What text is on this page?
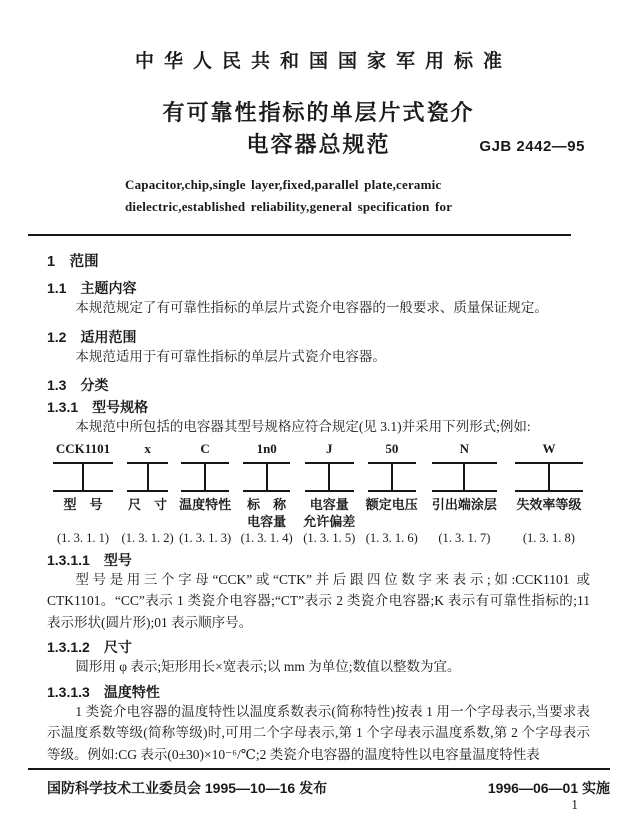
中华人民共和国国家军用标准
有可靠性指标的单层片式瓷介
电容器总规范
Capacitor,chip,single layer,fixed,parallel plate,ceramic
dielectric,established reliability,general specification for
1　范围
1.1　主题内容
本规范规定了有可靠性指标的单层片式瓷介电容器的一般要求、质量保证规定。
1.2　适用范围
本规范适用于有可靠性指标的单层片式瓷介电容器。
1.3　分类
1.3.1　型号规格
本规范中所包括的电容器其型号规格应符合规定(见 3.1)并采用下列形式;例如:
CCK1101
型　号
(1. 3. 1. 1)
x
尺　寸
(1. 3. 1. 2)
C
温度特性
(1. 3. 1. 3)
1n0
标　称
电容量
(1. 3. 1. 4)
J
电容量
允许偏差
(1. 3. 1. 5)
50
额定电压
(1. 3. 1. 6)
N
引出端涂层
(1. 3. 1. 7)
W
失效率等级
(1. 3. 1. 8)
1.3.1.1　型号
型号是用三个字母“CCK”或“CTK”并后跟四位数字来表示;如:CCK1101 或 CTK1101。“CC”表示 1 类瓷介电容器;“CT”表示 2 类瓷介电容器;K 表示有可靠性指标的;11 表示形状(圆片形);01 表示顺序号。
1.3.1.2　尺寸
圆形用 φ 表示;矩形用长×宽表示;以 mm 为单位;数值以整数为宜。
1.3.1.3　温度特性
1 类瓷介电容器的温度特性以温度系数表示(简称特性)按表 1 用一个字母表示,当要求表示温度系数等级(简称等级)时,可用二个字母表示,第 1 个字母表示温度系数,第 2 个字母表示等级。例如:CG 表示(0±30)×10⁻⁶/℃;2 类瓷介电容器的温度特性以电容量温度特性表
GJB 2442—95
国防科学技术工业委员会 1995—10—16 发布	1996—06—01 实施
1
